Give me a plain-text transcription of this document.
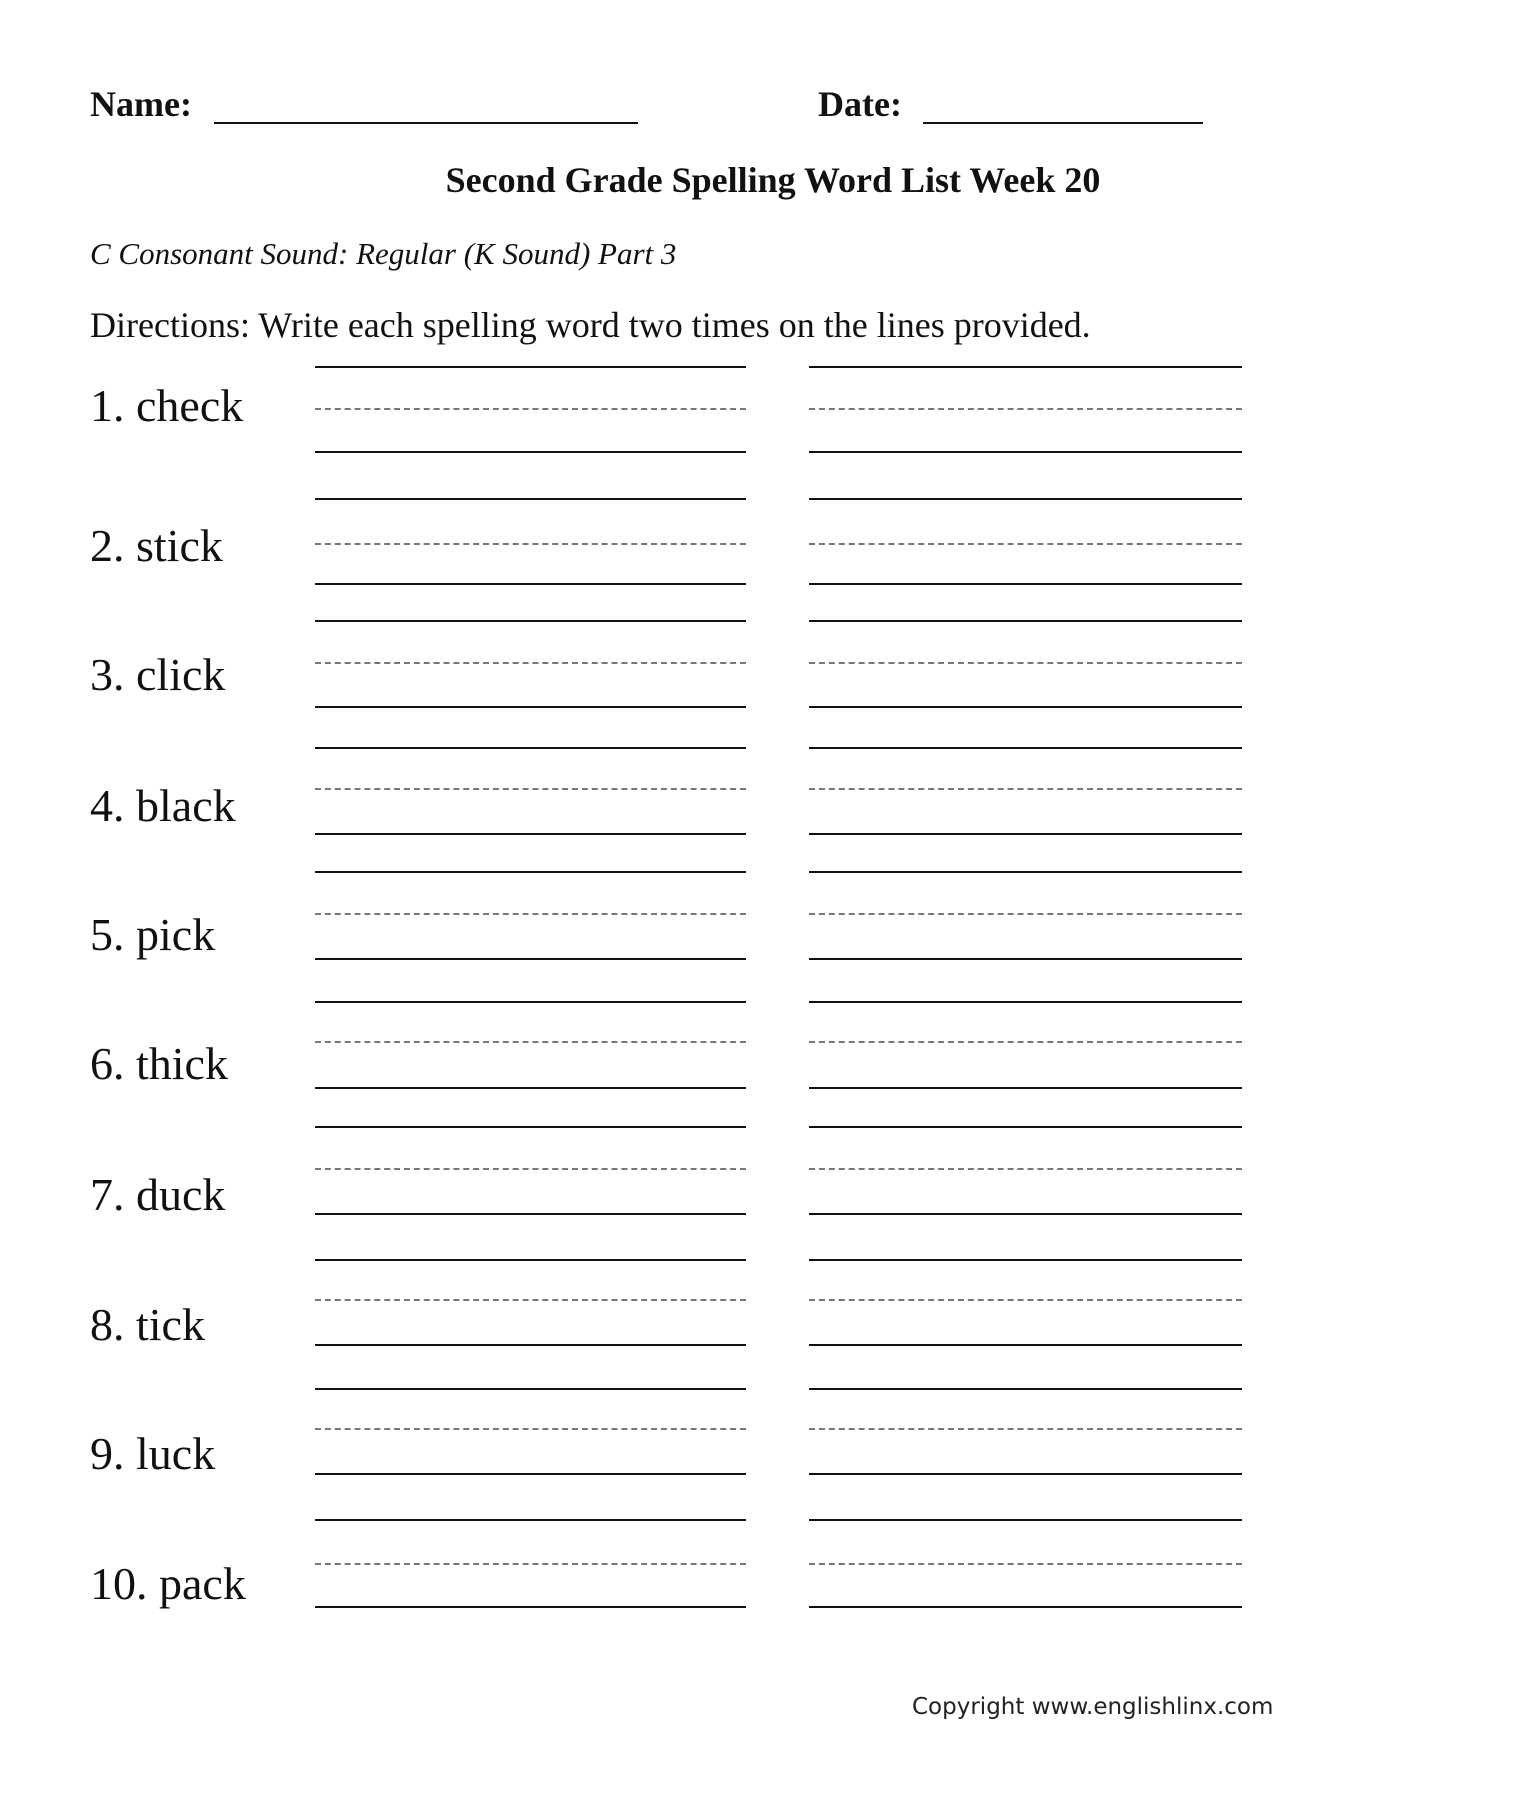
Name:	Date:
Second Grade Spelling Word List Week 20
C Consonant Sound: Regular (K Sound) Part 3
Directions: Write each spelling word two times on the lines provided.
1. check
2. stick
3. click
4. black
5. pick
6. thick
7. duck
8. tick
9. luck
10. pack
Copyright www.englishlinx.com
